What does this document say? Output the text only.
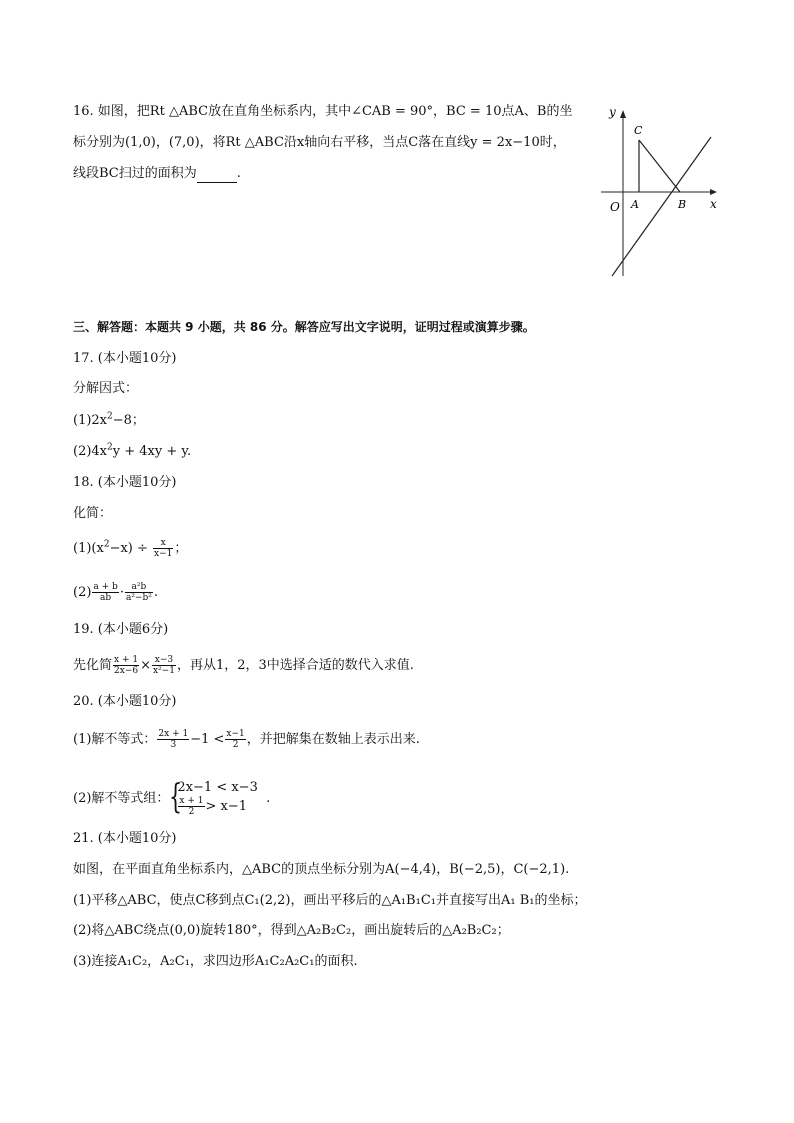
16. 如图，把Rt △ABC放在直角坐标系内，其中∠CAB = 90°，BC = 10点A、B的坐
标分别为(1,0)，(7,0)，将Rt △ABC沿x轴向右平移，当点C落在直线y = 2x−10时，
线段BC扫过的面积为	.
y
x
O A	B
C
三、解答题：本题共 9 小题，共 86 分。解答应写出文字说明，证明过程或演算步骤。
17. (本小题10分)
分解因式：
$(1)2x^2-8$；
$(2)4x^2y + 4xy + y$.
18. (本小题10分)
化简：
$(1)(x^2-x) \div \frac{x}{x-1}$ ；
$(2) \frac{a + b}{ab} \cdot \frac{\text{a²b}}{\text{a²−b²}}$ .
19. (本小题6分)
先化简 $\frac{x + 1}{2x-6} \times \frac{x-3}{\text{x²−1}}$ ，再从1，2，3中选择合适的数代入求值.
20. (本小题10分)
(1)解不等式： $\frac{2x + 1}{3} -1 < \frac{x-1}{2}$ ，并把解集在数轴上表示出来.
(2)解不等式组： {
2x−1 < x−3
$\frac{x + 1}{2} > x-1$
.
21. (本小题10分)
如图，在平面直角坐标系内，△ABC的顶点坐标分别为A(−4,4)，B(−2,5)，C(−2,1).
(1)平移△ABC，使点C移到点C₁(2,2)，画出平移后的△A₁B₁C₁并直接写出A₁ B₁的坐标；
(2)将△ABC绕点(0,0)旋转180°，得到△A₂B₂C₂，画出旋转后的△A₂B₂C₂；
(3)连接A₁C₂，A₂C₁，求四边形A₁C₂A₂C₁的面积.
